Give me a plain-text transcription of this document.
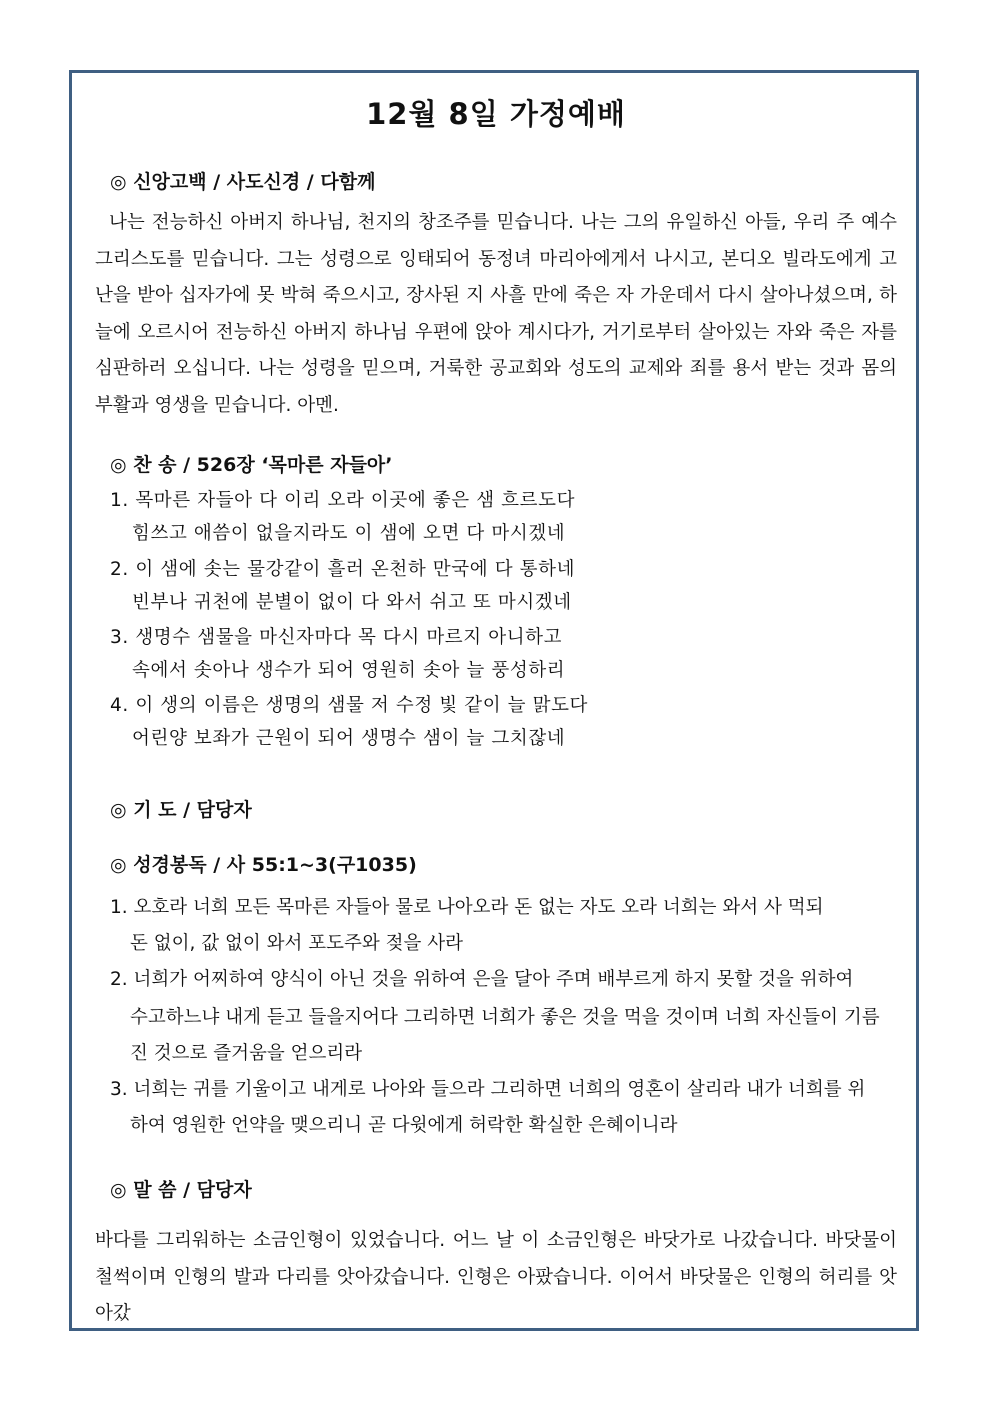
12월 8일 가정예배
◎ 신앙고백 / 사도신경 / 다함께

나는 전능하신 아버지 하나님, 천지의 창조주를 믿습니다. 나는 그의 유일하신 아들, 우리 주 예수 그리스도를 믿습니다. 그는 성령으로 잉태되어 동정녀 마리아에게서 나시고, 본디오 빌라도에게 고난을 받아 십자가에 못 박혀 죽으시고, 장사된 지 사흘 만에 죽은 자 가운데서 다시 살아나셨으며, 하늘에 오르시어 전능하신 아버지 하나님 우편에 앉아 계시다가, 거기로부터 살아있는 자와 죽은 자를 심판하러 오십니다. 나는 성령을 믿으며, 거룩한 공교회와 성도의 교제와 죄를 용서 받는 것과 몸의 부활과 영생을 믿습니다. 아멘.

◎ 찬 송 / 526장 ‘목마른 자들아’
1. 목마른 자들아 다 이리 오라 이곳에 좋은 샘 흐르도다
힘쓰고 애씀이 없을지라도 이 샘에 오면 다 마시겠네
2. 이 샘에 솟는 물강같이 흘러 온천하 만국에 다 통하네
빈부나 귀천에 분별이 없이 다 와서 쉬고 또 마시겠네
3. 생명수 샘물을 마신자마다 목 다시 마르지 아니하고
속에서 솟아나 생수가 되어 영원히 솟아 늘 풍성하리
4. 이 생의 이름은 생명의 샘물 저 수정 빛 같이 늘 맑도다
어린양 보좌가 근원이 되어 생명수 샘이 늘 그치잖네
◎ 기 도 / 담당자
◎ 성경봉독 / 사 55:1~3(구1035)
1. 오호라 너희 모든 목마른 자들아 물로 나아오라 돈 없는 자도 오라 너희는 와서 사 먹되
돈 없이, 값 없이 와서 포도주와 젖을 사라
2. 너희가 어찌하여 양식이 아닌 것을 위하여 은을 달아 주며 배부르게 하지 못할 것을 위하여
수고하느냐 내게 듣고 들을지어다 그리하면 너희가 좋은 것을 먹을 것이며 너희 자신들이 기름
진 것으로 즐거움을 얻으리라
3. 너희는 귀를 기울이고 내게로 나아와 들으라 그리하면 너희의 영혼이 살리라 내가 너희를 위
하여 영원한 언약을 맺으리니 곧 다윗에게 허락한 확실한 은혜이니라
◎ 말 씀 / 담당자

바다를 그리워하는 소금인형이 있었습니다. 어느 날 이 소금인형은 바닷가로 나갔습니다. 바닷물이 철썩이며 인형의 발과 다리를 앗아갔습니다. 인형은 아팠습니다. 이어서 바닷물은 인형의 허리를 앗아갔
